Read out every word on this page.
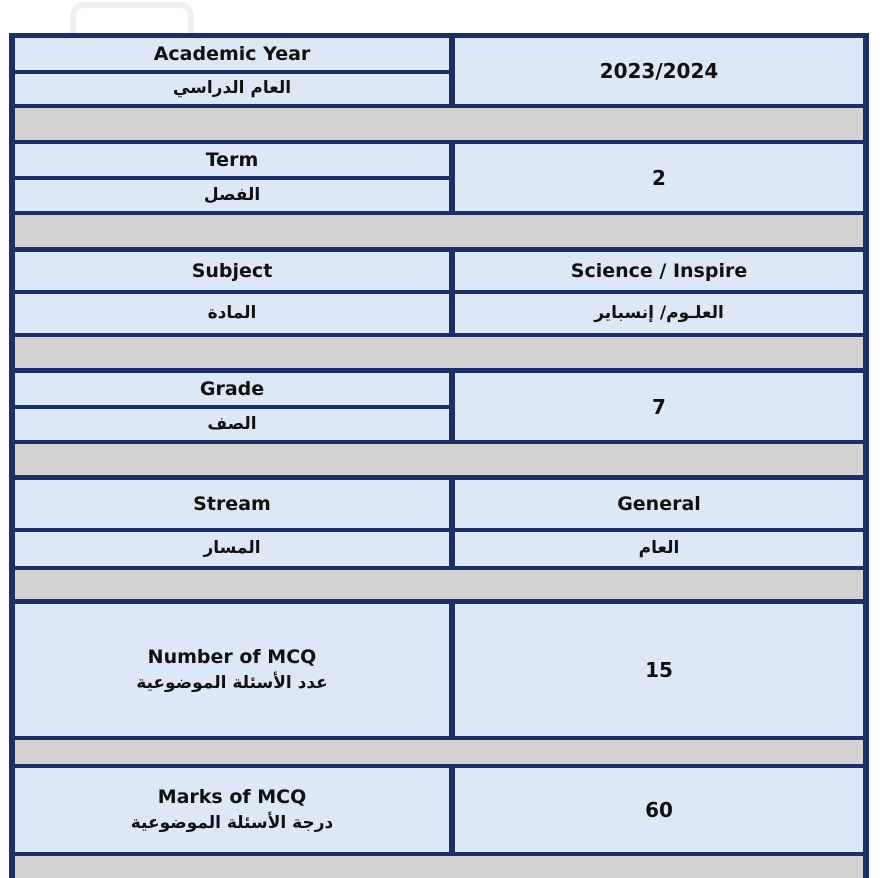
Academic Year
العام الدراسي
2023/2024
Term
الفصل
2
Subject
المادة
Science / Inspire
العلـوم/ إنسباير
Grade
الصف
7
Stream
المسار
General
العام
Number of MCQ
عدد الأسئلة الموضوعية
15
Marks of MCQ
درجة الأسئلة الموضوعية
60
